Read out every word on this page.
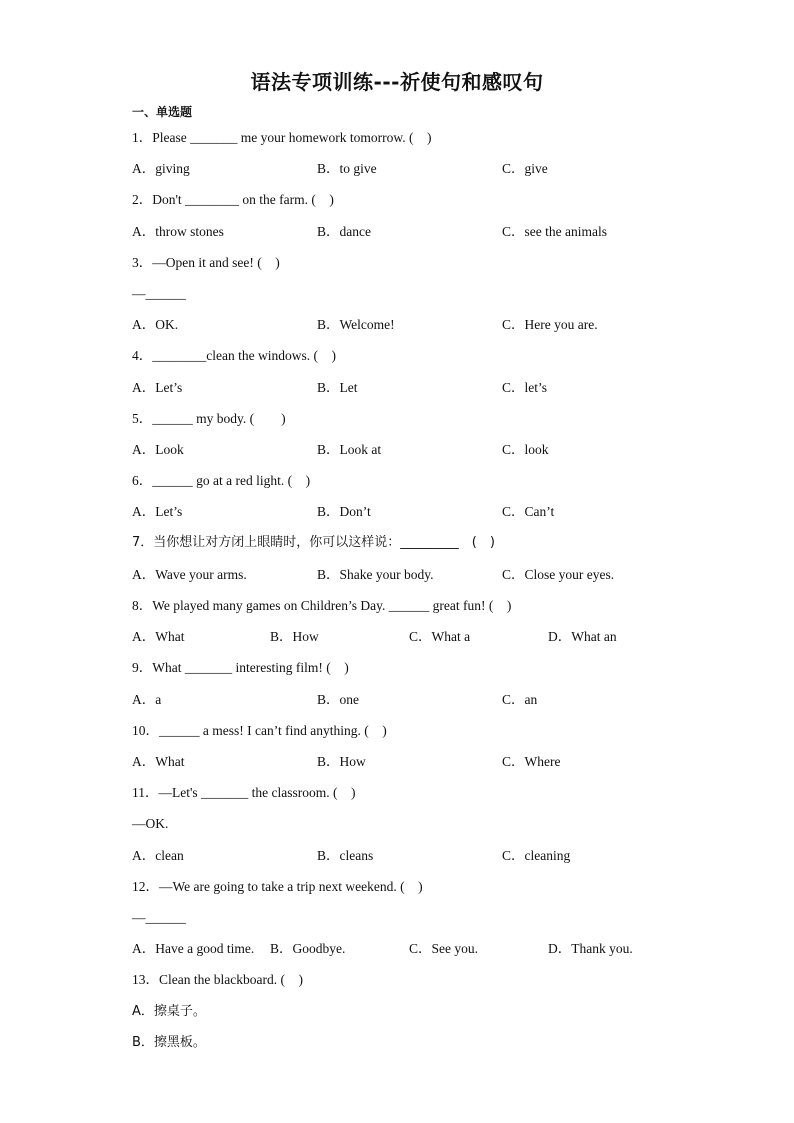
语法专项训练---祈使句和感叹句
一、单选题
1．Please _______ me your homework tomorrow. (　)
A．giving	B．to give	C．give
2．Don't ________ on the farm. (　)
A．throw stones	B．dance	C．see the animals
3．—Open it and see! (　)
—______
A．OK.	B．Welcome!	C．Here you are.
4．________clean the windows. (　)
A．Let’s	B．Let	C．let’s
5．______ my body. (　　)
A．Look	B．Look at	C．look
6．______ go at a red light. (　)
A．Let’s	B．Don’t	C．Can’t
7．当你想让对方闭上眼睛时，你可以这样说：_________　(　)
A．Wave your arms.	B．Shake your body.	C．Close your eyes.
8．We played many games on Children’s Day. ______ great fun! (　)
A．What	B．How	C．What a	D．What an
9．What _______ interesting film! (　)
A．a	B．one	C．an
10．______ a mess! I can’t find anything. (　)
A．What	B．How	C．Where
11．—Let's _______ the classroom. (　)
—OK.
A．clean	B．cleans	C．cleaning
12．—We are going to take a trip next weekend. (　)
—______
A．Have a good time. B．Goodbye.	C．See you.	D．Thank you.
13．Clean the blackboard. (　)
A．擦桌子。
B．擦黑板。
